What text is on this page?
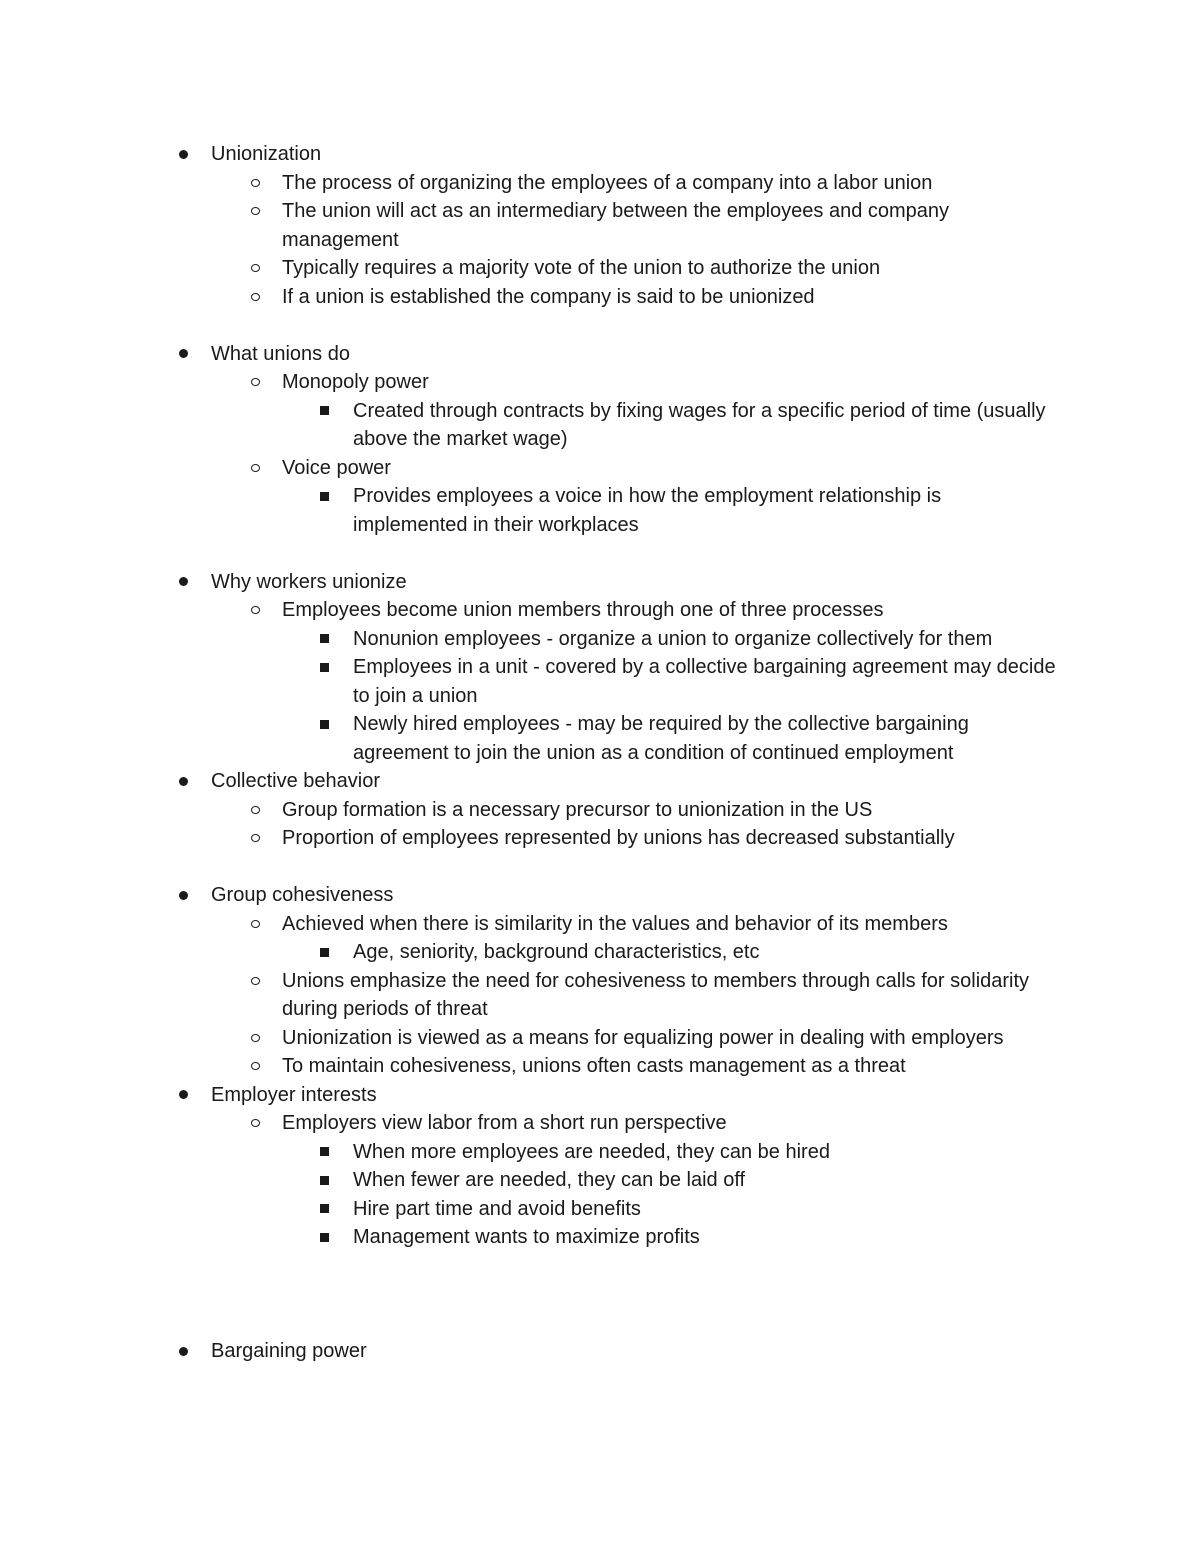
Unionization
The process of organizing the employees of a company into a labor union
The union will act as an intermediary between the employees and company management
Typically requires a majority vote of the union to authorize the union
If a union is established the company is said to be unionized
What unions do
Monopoly power
Created through contracts by fixing wages for a specific period of time (usually above the market wage)
Voice power
Provides employees a voice in how the employment relationship is implemented in their workplaces
Why workers unionize
Employees become union members through one of three processes
Nonunion employees - organize a union to organize collectively for them
Employees in a unit - covered by a collective bargaining agreement may decide to join a union
Newly hired employees - may be required by the collective bargaining agreement to join the union as a condition of continued employment
Collective behavior
Group formation is a necessary precursor to unionization in the US
Proportion of employees represented by unions has decreased substantially
Group cohesiveness
Achieved when there is similarity in the values and behavior of its members
Age, seniority, background characteristics, etc
Unions emphasize the need for cohesiveness to members through calls for solidarity during periods of threat
Unionization is viewed as a means for equalizing power in dealing with employers
To maintain cohesiveness, unions often casts management as a threat
Employer interests
Employers view labor from a short run perspective
When more employees are needed, they can be hired
When fewer are needed, they can be laid off
Hire part time and avoid benefits
Management wants to maximize profits
Bargaining power
